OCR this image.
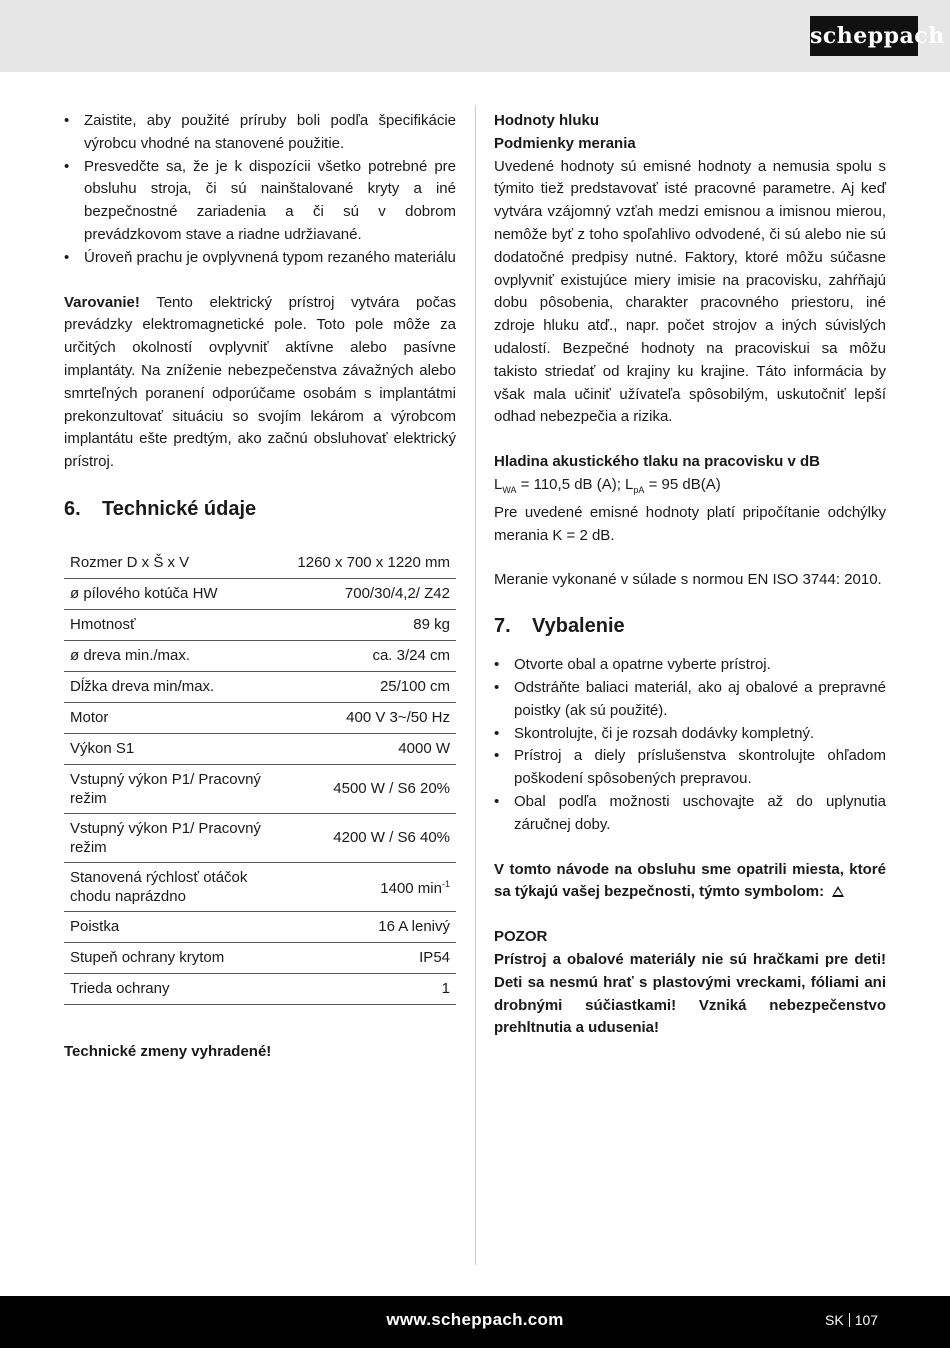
scheppach
• Zaistite, aby použité príruby boli podľa špecifikácie výrobcu vhodné na stanovené použitie.
• Presvedčte sa, že je k dispozícii všetko potrebné pre obsluhu stroja, či sú nainštalované kryty a iné bezpečnostné zariadenia a či sú v dobrom prevádzkovom stave a riadne udržiavané.
• Úroveň prachu je ovplyvnená typom rezaného materiálu

Varovanie! Tento elektrický prístroj vytvára počas prevádzky elektromagnetické pole. Toto pole môže za určitých okolností ovplyvniť aktívne alebo pasívne implantáty. Na zníženie nebezpečenstva závažných alebo smrteľných poranení odporúčame osobám s implantátmi prekonzultovať situáciu so svojím lekárom a výrobcom implantátu ešte predtým, ako začnú obsluhovať elektrický prístroj.

6. Technické údaje
Rozmer D x Š x V	1260 x 700 x 1220 mm
ø pílového kotúča HW	700/30/4,2/ Z42
Hmotnosť	89 kg
ø dreva min./max.	ca. 3/24 cm
Dĺžka dreva min/max.	25/100 cm
Motor	400 V 3~/50 Hz
Výkon S1	4000 W
Vstupný výkon P1/ Pracovný režim	4500 W / S6 20%
Vstupný výkon P1/ Pracovný režim	4200 W / S6 40%
Stanovená rýchlosť otáčok chodu naprázdno	1400 $\min^{-1}$
Poistka	16 A lenivý
Stupeň ochrany krytom	IP54
Trieda ochrany	1

Technické zmeny vyhradené!

Hodnoty hluku

Podmienky merania

Uvedené hodnoty sú emisné hodnoty a nemusia spolu s týmito tiež predstavovať isté pracovné parametre. Aj keď vytvára vzájomný vzťah medzi emisnou a imisnou mierou, nemôže byť z toho spoľahlivo odvodené, či sú alebo nie sú dodatočné predpisy nutné. Faktory, ktoré môžu súčasne ovplyvniť existujúce miery imisie na pracovisku, zahŕňajú dobu pôsobenia, charakter pracovného priestoru, iné zdroje hluku atď., napr. počet strojov a iných súvislých udalostí. Bezpečné hodnoty na pracoviskui sa môžu takisto striedať od krajiny ku krajine. Táto informácia by však mala učiniť užívateľa spôsobilým, uskutočniť lepší odhad nebezpečia a rizika.

Hladina akustického tlaku na pracovisku v dB

$L_{WA} = 110,5$ dB (A); $L_{pA} = 95$ dB(A)

Pre uvedené emisné hodnoty platí pripočítanie odchýlky merania K = 2 dB.

Meranie vykonané v súlade s normou EN ISO 3744: 2010.

7. Vybalenie
• Otvorte obal a opatrne vyberte prístroj.
• Odstráňte baliaci materiál, ako aj obalové a prepravné poistky (ak sú použité).
• Skontrolujte, či je rozsah dodávky kompletný.
• Prístroj a diely príslušenstva skontrolujte ohľadom poškodení spôsobených prepravou.
• Obal podľa možnosti uschovajte až do uplynutia záručnej doby.

V tomto návode na obsluhu sme opatrili miesta, ktoré sa týkajú vašej bezpečnosti, týmto symbolom:

POZOR

Prístroj a obalové materiály nie sú hračkami pre deti! Deti sa nesmú hrať s plastovými vreckami, fóliami ani drobnými súčiastkami! Vzniká nebezpečenstvo prehltnutia a udusenia!

www.scheppach.com	SK 107
